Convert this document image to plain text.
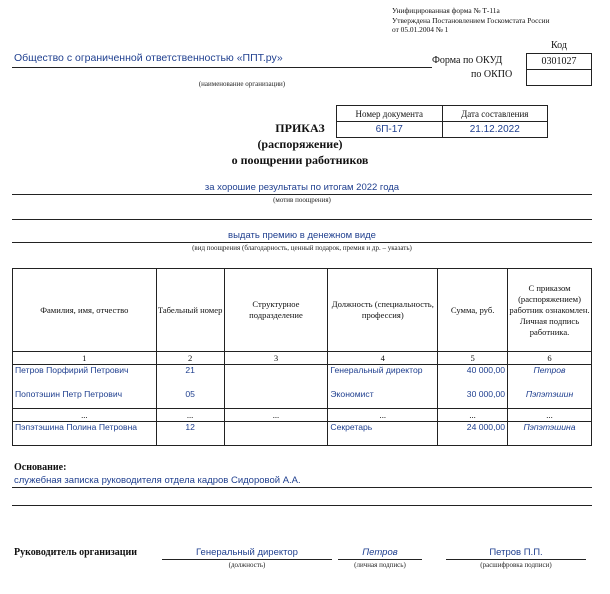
Унифицированная форма № Т-11а
Утверждена Постановлением Госкомстата России
от 05.01.2004 № 1
Общество с ограниченной ответственностью «ППТ.ру»
(наименование организации)
Форма по ОКУД
по ОКПО
Код
0301027

Номер документа	Дата составления
6П-17	21.12.2022
ПРИКАЗ
(распоряжение)
о поощрении работников
за хорошие результаты по итогам 2022 года
(мотив поощрения)
выдать премию в денежном виде
(вид поощрения (благодарность, ценный подарок, премия и др. – указать)
Фамилия, имя, отчество	Табельный номер	Структурное подразделение	Должность (специальность, профессия)	Сумма, руб.	С приказом (распоряжением) работник ознакомлен. Личная подпись работника.
1	2	3	4	5	6
Петров Порфирий Петрович	21		Генеральный директор	40 000,00	Петров
Попотэшин Петр Петрович	05		Экономист	30 000,00	Пэпэтэшин
...	...	...	...	...	...
Пэпэтэшина Полина Петровна	12		Секретарь	24 000,00	Пэпэтэшина
Основание:
служебная записка руководителя отдела кадров Сидоровой А.А.
Руководитель организации	Генеральный директор
(должность)
Петров
(личная подпись)
Петров П.П.
(расшифровка подписи)
